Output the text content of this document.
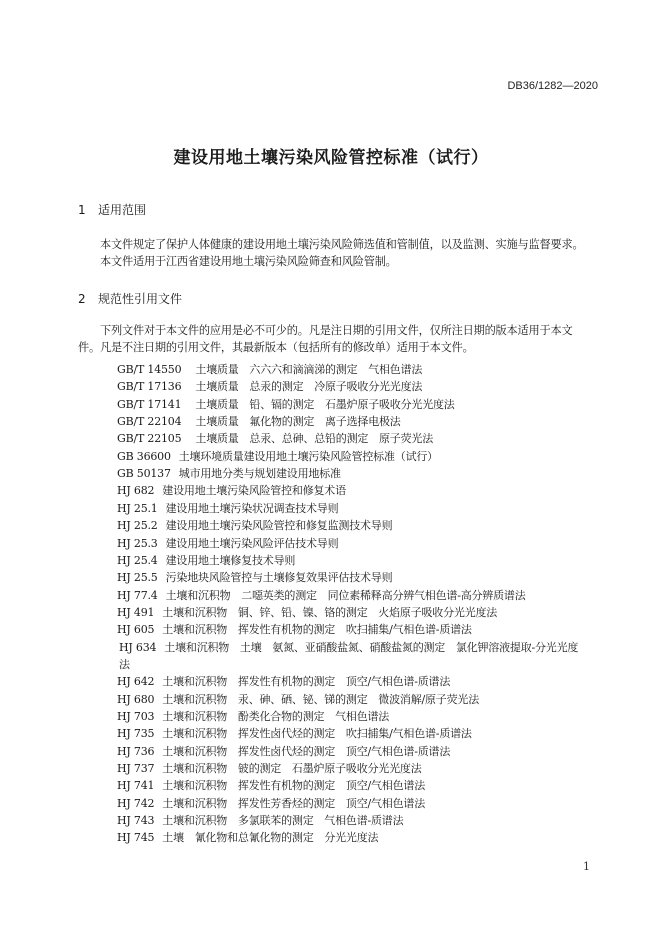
DB36/1282—2020
建设用地土壤污染风险管控标准（试行）
1 适用范围
本文件规定了保护人体健康的建设用地土壤污染风险筛选值和管制值，以及监测、实施与监督要求。
本文件适用于江西省建设用地土壤污染风险筛查和风险管制。
2 规范性引用文件
下列文件对于本文件的应用是必不可少的。凡是注日期的引用文件，仅所注日期的版本适用于本文
件。凡是不注日期的引用文件，其最新版本（包括所有的修改单）适用于本文件。
GB/T 14550 土壤质量　六六六和滴滴涕的测定　气相色谱法
GB/T 17136 土壤质量　总汞的测定　冷原子吸收分光光度法
GB/T 17141 土壤质量　铅、镉的测定　石墨炉原子吸收分光光度法
GB/T 22104 土壤质量　氟化物的测定　离子选择电极法
GB/T 22105 土壤质量　总汞、总砷、总铅的测定　原子荧光法
GB 36600 土壤环境质量建设用地土壤污染风险管控标准（试行）
GB 50137 城市用地分类与规划建设用地标准
HJ 682 建设用地土壤污染风险管控和修复术语
HJ 25.1 建设用地土壤污染状况调查技术导则
HJ 25.2 建设用地土壤污染风险管控和修复监测技术导则
HJ 25.3 建设用地土壤污染风险评估技术导则
HJ 25.4 建设用地土壤修复技术导则
HJ 25.5 污染地块风险管控与土壤修复效果评估技术导则
HJ 77.4 土壤和沉积物　二噁英类的测定　同位素稀释高分辨气相色谱-高分辨质谱法
HJ 491 土壤和沉积物　铜、锌、铅、镍、铬的测定　火焰原子吸收分光光度法
HJ 605 土壤和沉积物　挥发性有机物的测定　吹扫捕集/气相色谱-质谱法
HJ 634 土壤和沉积物　土壤　氨氮、亚硝酸盐氮、硝酸盐氮的测定　氯化钾溶液提取-分光光度
法
HJ 642 土壤和沉积物　挥发性有机物的测定　顶空/气相色谱-质谱法
HJ 680 土壤和沉积物　汞、砷、硒、铋、锑的测定　微波消解/原子荧光法
HJ 703 土壤和沉积物　酚类化合物的测定　气相色谱法
HJ 735 土壤和沉积物　挥发性卤代烃的测定　吹扫捕集/气相色谱-质谱法
HJ 736 土壤和沉积物　挥发性卤代烃的测定　顶空/气相色谱-质谱法
HJ 737 土壤和沉积物　铍的测定　石墨炉原子吸收分光光度法
HJ 741 土壤和沉积物　挥发性有机物的测定　顶空/气相色谱法
HJ 742 土壤和沉积物　挥发性芳香烃的测定　顶空/气相色谱法
HJ 743 土壤和沉积物　多氯联苯的测定　气相色谱-质谱法
HJ 745 土壤　氰化物和总氰化物的测定　分光光度法
1
